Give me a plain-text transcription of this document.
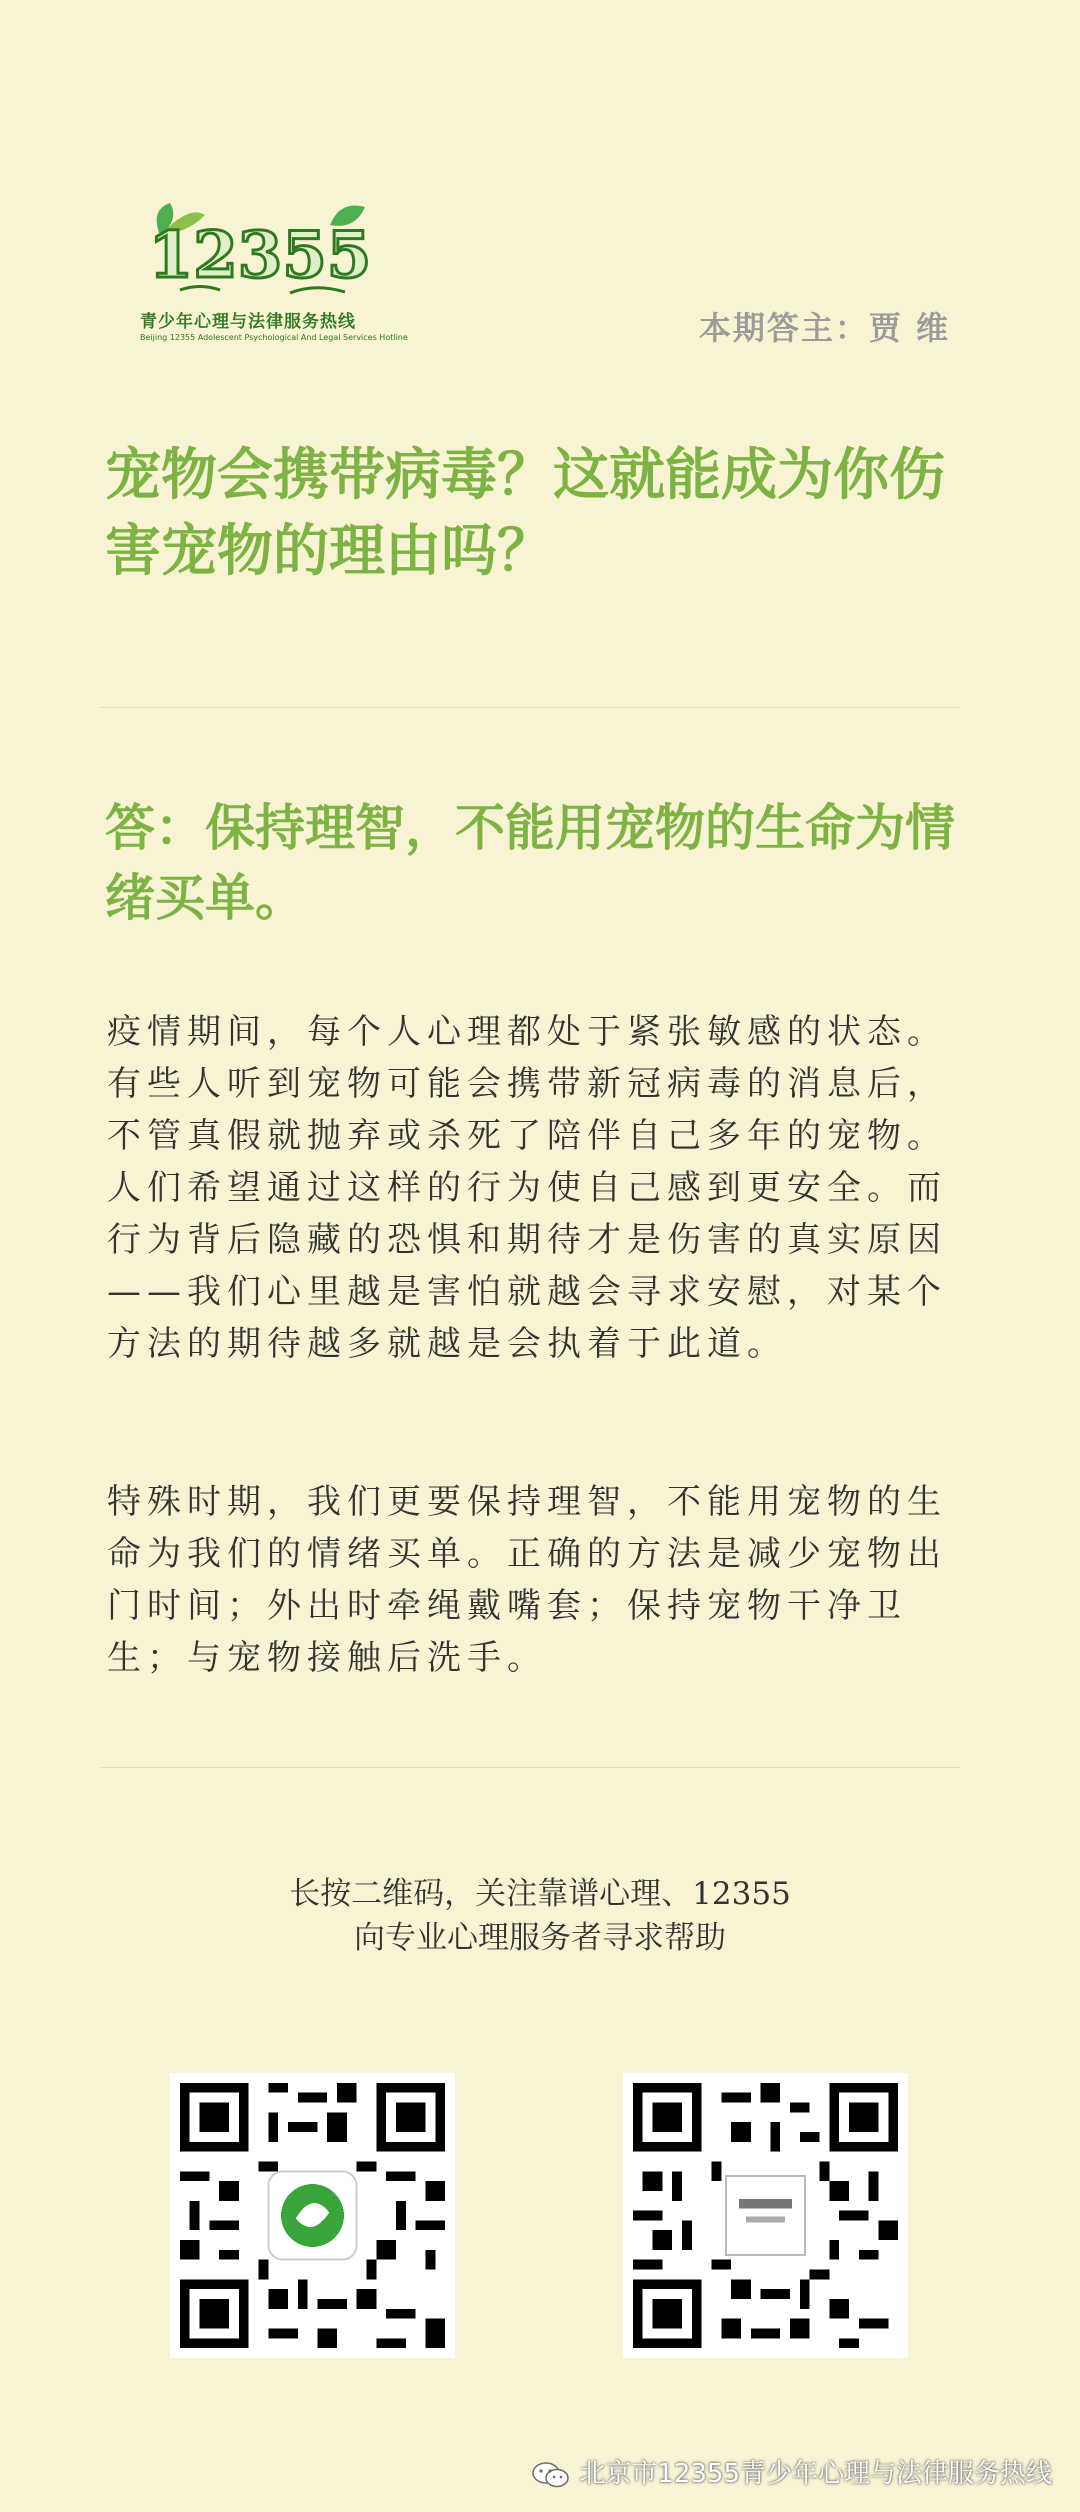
12355
青少年心理与法律服务热线
Beijing 12355 Adolescent Psychological And Legal Services Hotline	本期答主：贾 维
宠物会携带病毒？这就能成为你伤害宠物的理由吗？
答：保持理智，不能用宠物的生命为情绪买单。
疫情期间，每个人心理都处于紧张敏感的状态。有些人听到宠物可能会携带新冠病毒的消息后，不管真假就抛弃或杀死了陪伴自己多年的宠物。人们希望通过这样的行为使自己感到更安全。而行为背后隐藏的恐惧和期待才是伤害的真实原因——我们心里越是害怕就越会寻求安慰，对某个方法的期待越多就越是会执着于此道。
特殊时期，我们更要保持理智，不能用宠物的生命为我们的情绪买单。正确的方法是减少宠物出门时间；外出时牵绳戴嘴套；保持宠物干净卫生；与宠物接触后洗手。
长按二维码，关注靠谱心理、12355
向专业心理服务者寻求帮助
北京市12355青少年心理与法律服务热线
